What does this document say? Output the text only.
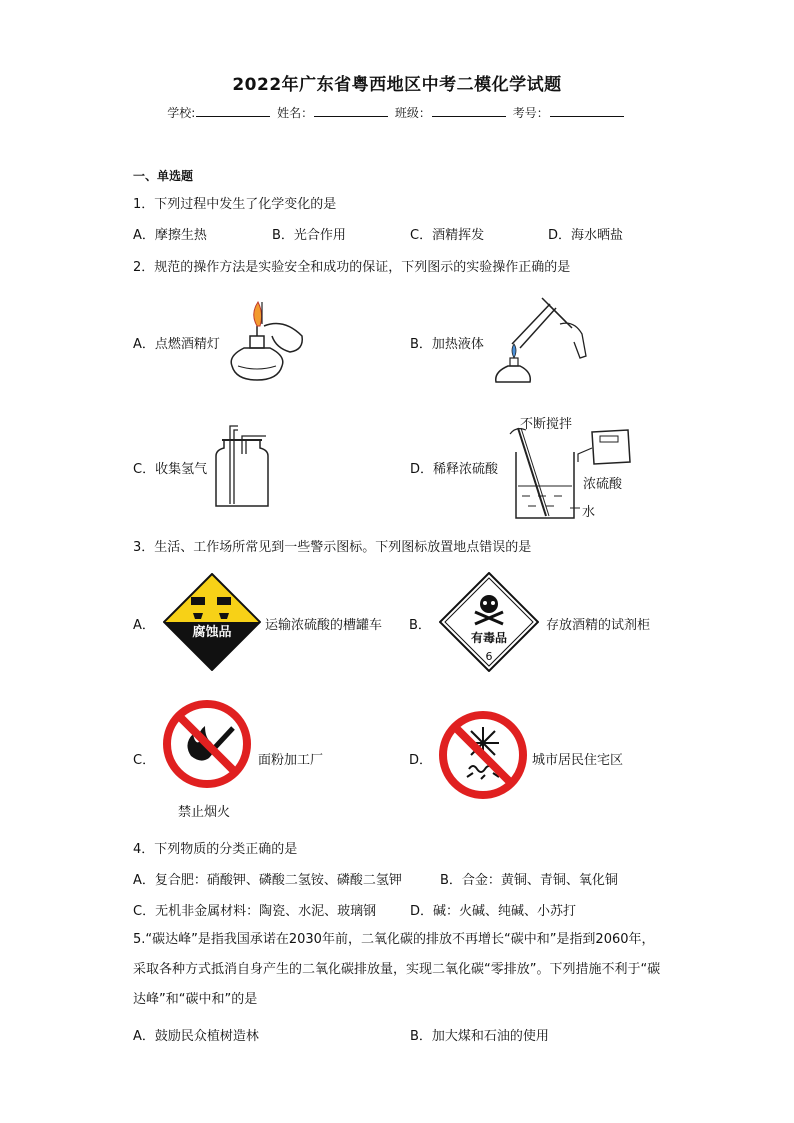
2022年广东省粤西地区中考二模化学试题
学校:	姓名：	班级：	考号：
一、单选题
1．下列过程中发生了化学变化的是
A．摩擦生热	B．光合作用	C．酒精挥发	D．海水晒盐
2．规范的操作方法是实验安全和成功的保证，下列图示的实验操作正确的是
A．点燃酒精灯	B．加热液体
C．收集氢气	D．稀释浓硫酸
不断搅拌
浓硫酸
水
3．生活、工作场所常见到一些警示图标。下列图标放置地点错误的是
A．	腐蚀品	运输浓硫酸的槽罐车 B．
有毒品
6
存放酒精的试剂柜
C．	面粉加工厂
禁止烟火
D．	城市居民住宅区
4．下列物质的分类正确的是
A．复合肥：硝酸钾、磷酸二氢铵、磷酸二氢钾	B．合金：黄铜、青铜、氧化铜
C．无机非金属材料：陶瓷、水泥、玻璃钢	D．碱：火碱、纯碱、小苏打
5.“碳达峰”是指我国承诺在2030年前，二氧化碳的排放不再增长“碳中和”是指到2060年，采取各种方式抵消自身产生的二氧化碳排放量，实现二氧化碳“零排放”。下列措施不利于“碳达峰”和“碳中和”的是
A．鼓励民众植树造林	B．加大煤和石油的使用
